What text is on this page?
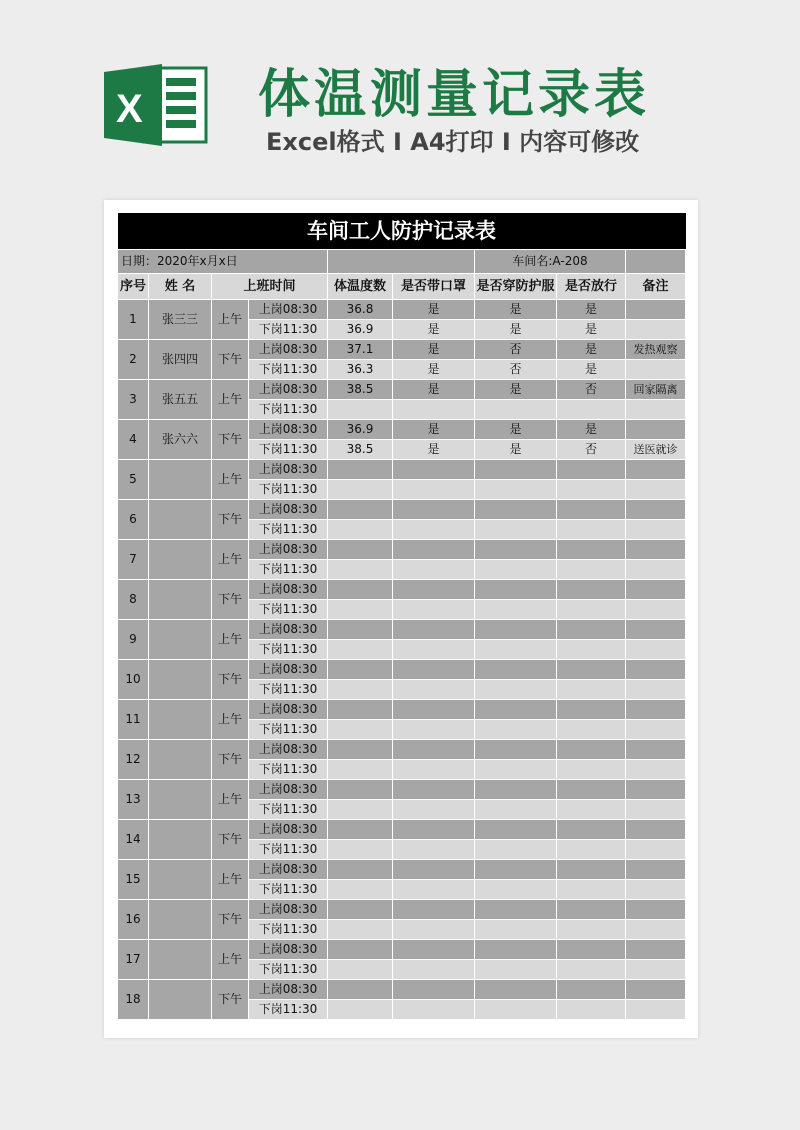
X 体温测量记录表
Excel格式 I A4打印 I 内容可修改
车间工人防护记录表								
日期：2020年x月x日						车间名:A-208		
序号	姓 名	上班时间		体温度数	是否带口罩	是否穿防护服	是否放行	备注
1	张三三	上午	上岗08:30	36.8	是	是	是	
			下岗11:30	36.9	是	是	是	
2	张四四	下午	上岗08:30	37.1	是	否	是	发热观察
			下岗11:30	36.3	是	否	是	
3	张五五	上午	上岗08:30	38.5	是	是	否	回家隔离
			下岗11:30					
4	张六六	下午	上岗08:30	36.9	是	是	是	
			下岗11:30	38.5	是	是	否	送医就诊
5		上午	上岗08:30					
			下岗11:30					
6		下午	上岗08:30					
			下岗11:30					
7		上午	上岗08:30					
			下岗11:30					
8		下午	上岗08:30					
			下岗11:30					
9		上午	上岗08:30					
			下岗11:30					
10		下午	上岗08:30					
			下岗11:30					
11		上午	上岗08:30					
			下岗11:30					
12		下午	上岗08:30					
			下岗11:30					
13		上午	上岗08:30					
			下岗11:30					
14		下午	上岗08:30					
			下岗11:30					
15		上午	上岗08:30					
			下岗11:30					
16		下午	上岗08:30					
			下岗11:30					
17		上午	上岗08:30					
			下岗11:30					
18		下午	上岗08:30					
			下岗11:30					
